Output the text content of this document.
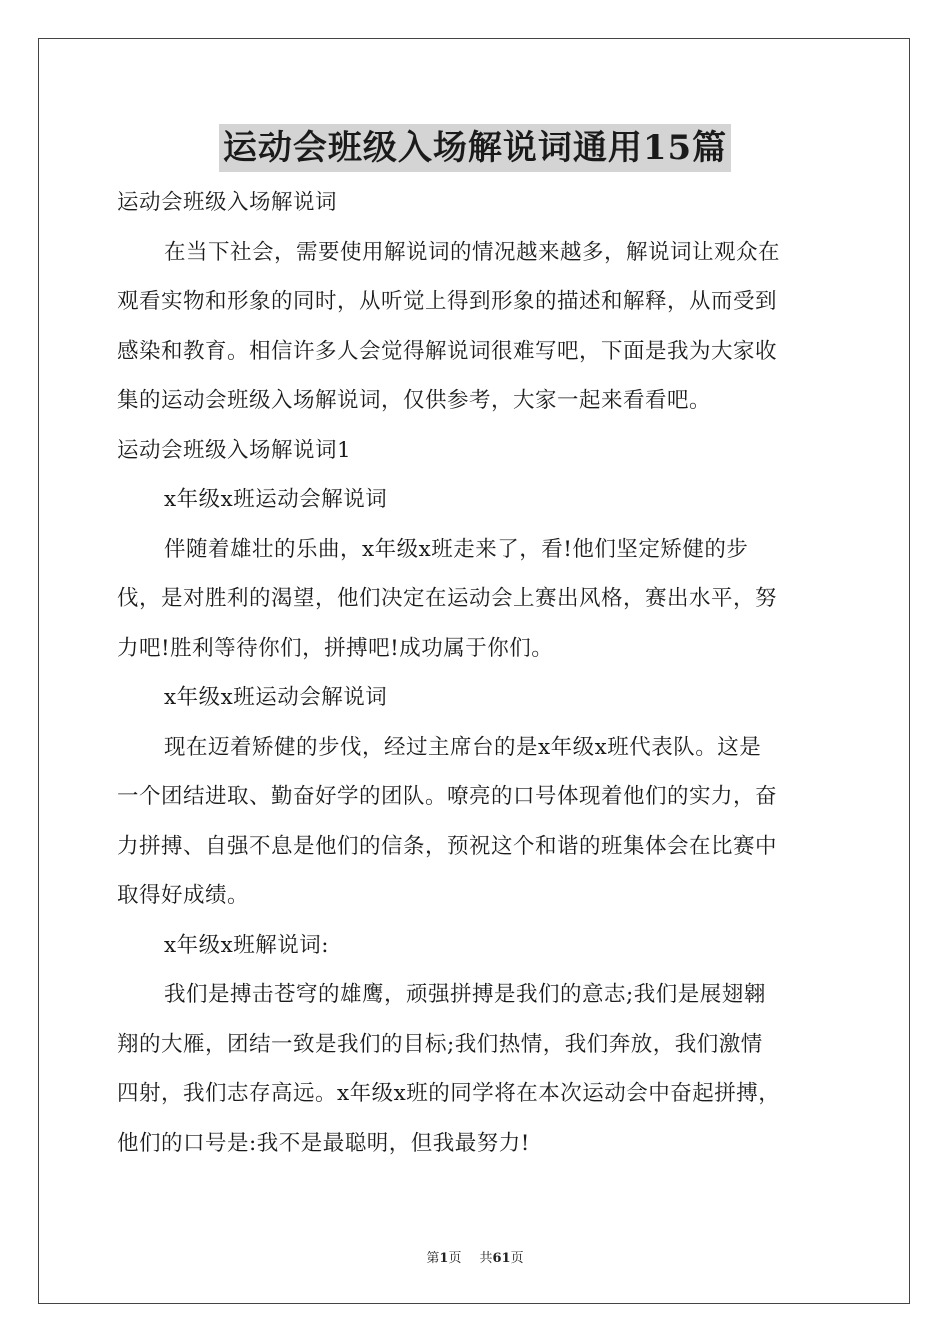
运动会班级入场解说词通用15篇

运动会班级入场解说词

在当下社会，需要使用解说词的情况越来越多，解说词让观众在

观看实物和形象的同时，从听觉上得到形象的描述和解释，从而受到

感染和教育。相信许多人会觉得解说词很难写吧，下面是我为大家收

集的运动会班级入场解说词，仅供参考，大家一起来看看吧。

运动会班级入场解说词1

x年级x班运动会解说词

伴随着雄壮的乐曲，x年级x班走来了，看!他们坚定矫健的步

伐，是对胜利的渴望，他们决定在运动会上赛出风格，赛出水平，努

力吧!胜利等待你们，拼搏吧!成功属于你们。

x年级x班运动会解说词

现在迈着矫健的步伐，经过主席台的是x年级x班代表队。这是

一个团结进取、勤奋好学的团队。嘹亮的口号体现着他们的实力，奋

力拼搏、自强不息是他们的信条，预祝这个和谐的班集体会在比赛中

取得好成绩。

x年级x班解说词:

我们是搏击苍穹的雄鹰，顽强拼搏是我们的意志;我们是展翅翱

翔的大雁，团结一致是我们的目标;我们热情，我们奔放，我们激情

四射，我们志存高远。x年级x班的同学将在本次运动会中奋起拼搏，

他们的口号是:我不是最聪明，但我最努力!

第1页 共61页
